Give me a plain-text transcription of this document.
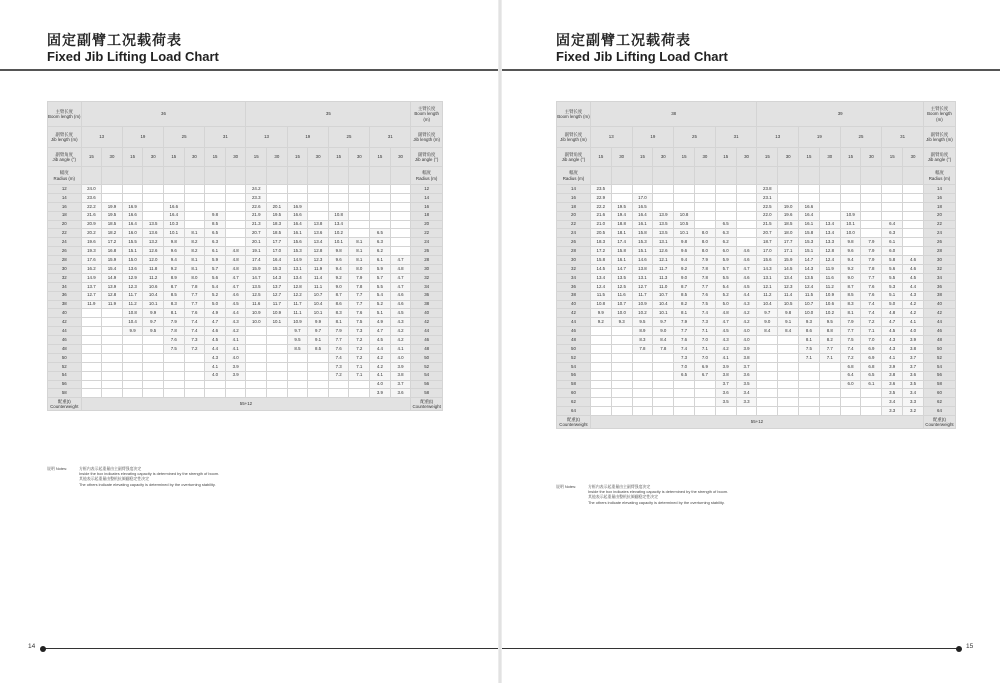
固定副臂工况载荷表
Fixed Jib Lifting Load Chart
主臂长度
Boom length (m)	36								35								主臂长度
Boom length (m)
副臂长度
Jib length (m)	13		19		25		31		13		19		25		31		副臂长度
Jib length (m)
副臂角度
Jib angle (°)	15	30	15	30	15	30	15	30	15	30	15	30	15	30	15	30	副臂角度
Jib angle (°)
幅度
Radius (m)																	幅度
Radius (m)
12	24.0								24.2								12
14	23.6								23.3								14
16	22.2	19.9	16.9		16.6				22.6	20.1	16.9						16
18	21.6	19.5	16.6		16.4		9.8		21.9	19.5	16.6		10.8				18
20	20.9	18.5	16.4	13.5	10.3		8.5		21.3	18.3	16.4	13.8	13.4				20
22	20.2	18.2	16.0	13.6	10.1	8.1	6.5		20.7	18.5	16.1	13.6	10.2		6.5		22
24	19.6	17.2	15.5	13.2	9.8	8.2	6.3		20.1	17.7	15.6	13.4	10.1	8.1	6.3		24
26	19.3	16.8	15.1	12.6	9.6	8.2	6.1	4.8	19.1	17.0	15.3	12.8	9.8	8.1	6.2		26
28	17.6	15.9	15.0	12.0	9.4	8.1	5.9	4.8	17.4	16.4	14.9	12.3	9.6	8.1	6.1	4.7	28
30	16.2	15.4	13.6	11.8	9.2	8.1	5.7	4.8	15.9	15.3	13.1	11.9	9.4	8.0	5.9	4.8	30
32	14.9	14.9	12.9	11.2	8.9	8.0	5.6	4.7	14.7	14.3	13.4	11.4	9.2	7.9	5.7	4.7	32
34	13.7	13.9	12.3	10.6	8.7	7.8	5.4	4.7	13.5	13.7	12.8	11.1	9.0	7.8	5.5	4.7	34
36	12.7	12.8	11.7	10.4	8.5	7.7	5.2	4.6	12.5	12.7	12.2	10.7	8.7	7.7	5.4	4.6	36
38	11.9	11.9	11.2	10.1	8.3	7.7	5.0	4.5	11.6	11.7	11.7	10.4	8.6	7.7	5.2	4.6	38
40			10.8	9.9	8.1	7.6	4.9	4.4	10.9	10.9	11.1	10.1	8.3	7.6	5.1	4.5	40
42			10.4	9.7	7.9	7.4	4.7	4.3	10.0	10.1	10.9	9.9	8.1	7.5	4.9	4.3	42
44			9.9	9.5	7.8	7.4	4.6	4.2			9.7	9.7	7.9	7.3	4.7	4.2	44
46					7.6	7.3	4.5	4.1			9.5	9.1	7.7	7.2	4.5	4.2	46
48					7.5	7.2	4.4	4.1			8.5	8.5	7.6	7.2	4.4	4.1	48
50							4.3	4.0					7.4	7.2	4.2	4.0	50
52							4.1	3.9					7.3	7.1	4.2	3.9	52
54							4.0	3.9					7.2	7.1	4.1	3.8	54
56															4.0	3.7	56
58															3.9	3.6	58
配重(t)
Counterweight	55+12																配重(t)
Counterweight
说明 Notes:	方框内表示起重量由主副臂强度决定
Inside the box indicates elevating capacity is determined by the strength of boom.
其他表示起重量由整机抗倾翻稳定性决定
The others indicate elevating capacity is determined by the overturning stability.
14
固定副臂工况载荷表
Fixed Jib Lifting Load Chart
主臂长度
Boom length (m)	38								39								主臂长度
Boom length (m)
副臂长度
Jib length (m)	13		19		25		31		13		19		25		31		副臂长度
Jib length (m)
副臂角度
Jib angle (°)	15	30	15	30	15	30	15	30	15	30	15	30	15	30	15	30	副臂角度
Jib angle (°)
幅度
Radius (m)																	幅度
Radius (m)
14	23.5								23.8								14
16	22.9		17.0						23.1								16
18	22.2	19.5	16.5						22.5	19.0	16.6						18
20	21.6	19.4	16.4	13.9	10.8				22.0	19.6	16.4		10.9				20
22	21.0	18.8	16.1	13.5	10.5		6.5		21.5	18.5	16.1	13.4	10.1		6.4		22
24	20.5	18.1	15.8	13.5	10.1	8.0	6.3		20.7	18.0	15.8	13.4	10.0		6.3		24
26	18.3	17.4	15.3	13.1	9.8	8.0	6.2		18.7	17.7	15.3	13.3	9.8	7.9	6.1		26
28	17.2	15.8	15.1	12.6	9.6	8.0	6.0	4.6	17.0	17.1	15.1	12.8	9.6	7.9	6.0		28
30	15.8	16.1	14.6	12.1	9.4	7.9	5.9	4.6	15.6	15.9	14.7	12.4	9.4	7.9	5.8	4.6	30
32	14.5	14.7	13.8	11.7	9.2	7.8	5.7	4.7	14.3	14.5	14.3	11.9	9.2	7.8	5.6	4.6	32
34	13.4	13.5	13.1	11.3	9.0	7.8	5.5	4.6	13.1	13.4	13.5	11.6	9.0	7.7	5.5	4.5	34
36	12.4	12.5	12.7	11.0	8.7	7.7	5.4	4.5	12.1	12.3	12.4	11.2	8.7	7.6	5.3	4.4	36
38	11.5	11.6	11.7	10.7	8.5	7.6	5.2	4.4	11.2	11.4	11.5	10.9	8.5	7.6	5.1	4.3	38
40	10.8	10.7	10.9	10.4	8.2	7.5	5.0	4.3	10.4	10.5	10.7	10.6	8.3	7.4	5.0	4.2	40
42	9.9	10.0	10.2	10.1	8.1	7.4	4.8	4.2	9.7	9.8	10.0	10.2	8.1	7.4	4.8	4.2	42
44	9.2	9.3	9.5	9.7	7.9	7.3	4.7	4.2	9.0	9.1	9.3	9.5	7.9	7.2	4.7	4.1	44
46			8.9	9.0	7.7	7.1	4.5	4.0	8.4	8.4	8.6	8.8	7.7	7.1	4.5	4.0	46
48			8.3	8.4	7.6	7.0	4.3	4.0			8.1	8.2	7.5	7.0	4.3	3.9	48
50			7.8	7.8	7.4	7.1	4.2	3.9			7.5	7.7	7.4	6.9	4.3	3.8	50
52					7.3	7.0	4.1	3.8			7.1	7.1	7.2	6.9	4.1	3.7	52
54					7.0	6.9	3.9	3.7					6.8	6.8	3.9	3.7	54
56					6.5	6.7	3.8	3.6					6.4	6.5	3.8	3.6	56
58							3.7	3.5					6.0	6.1	3.6	3.5	58
60							3.6	3.4							3.5	3.4	60
62							3.5	3.3							3.4	3.3	62
64															3.3	3.2	64
配重(t)
Counterweight	55+12																配重(t)
Counterweight
说明 Notes:	方框内表示起重量由主副臂强度决定
Inside the box indicates elevating capacity is determined by the strength of boom.
其他表示起重量由整机抗倾翻稳定性决定
The others indicate elevating capacity is determined by the overturning stability.
15
